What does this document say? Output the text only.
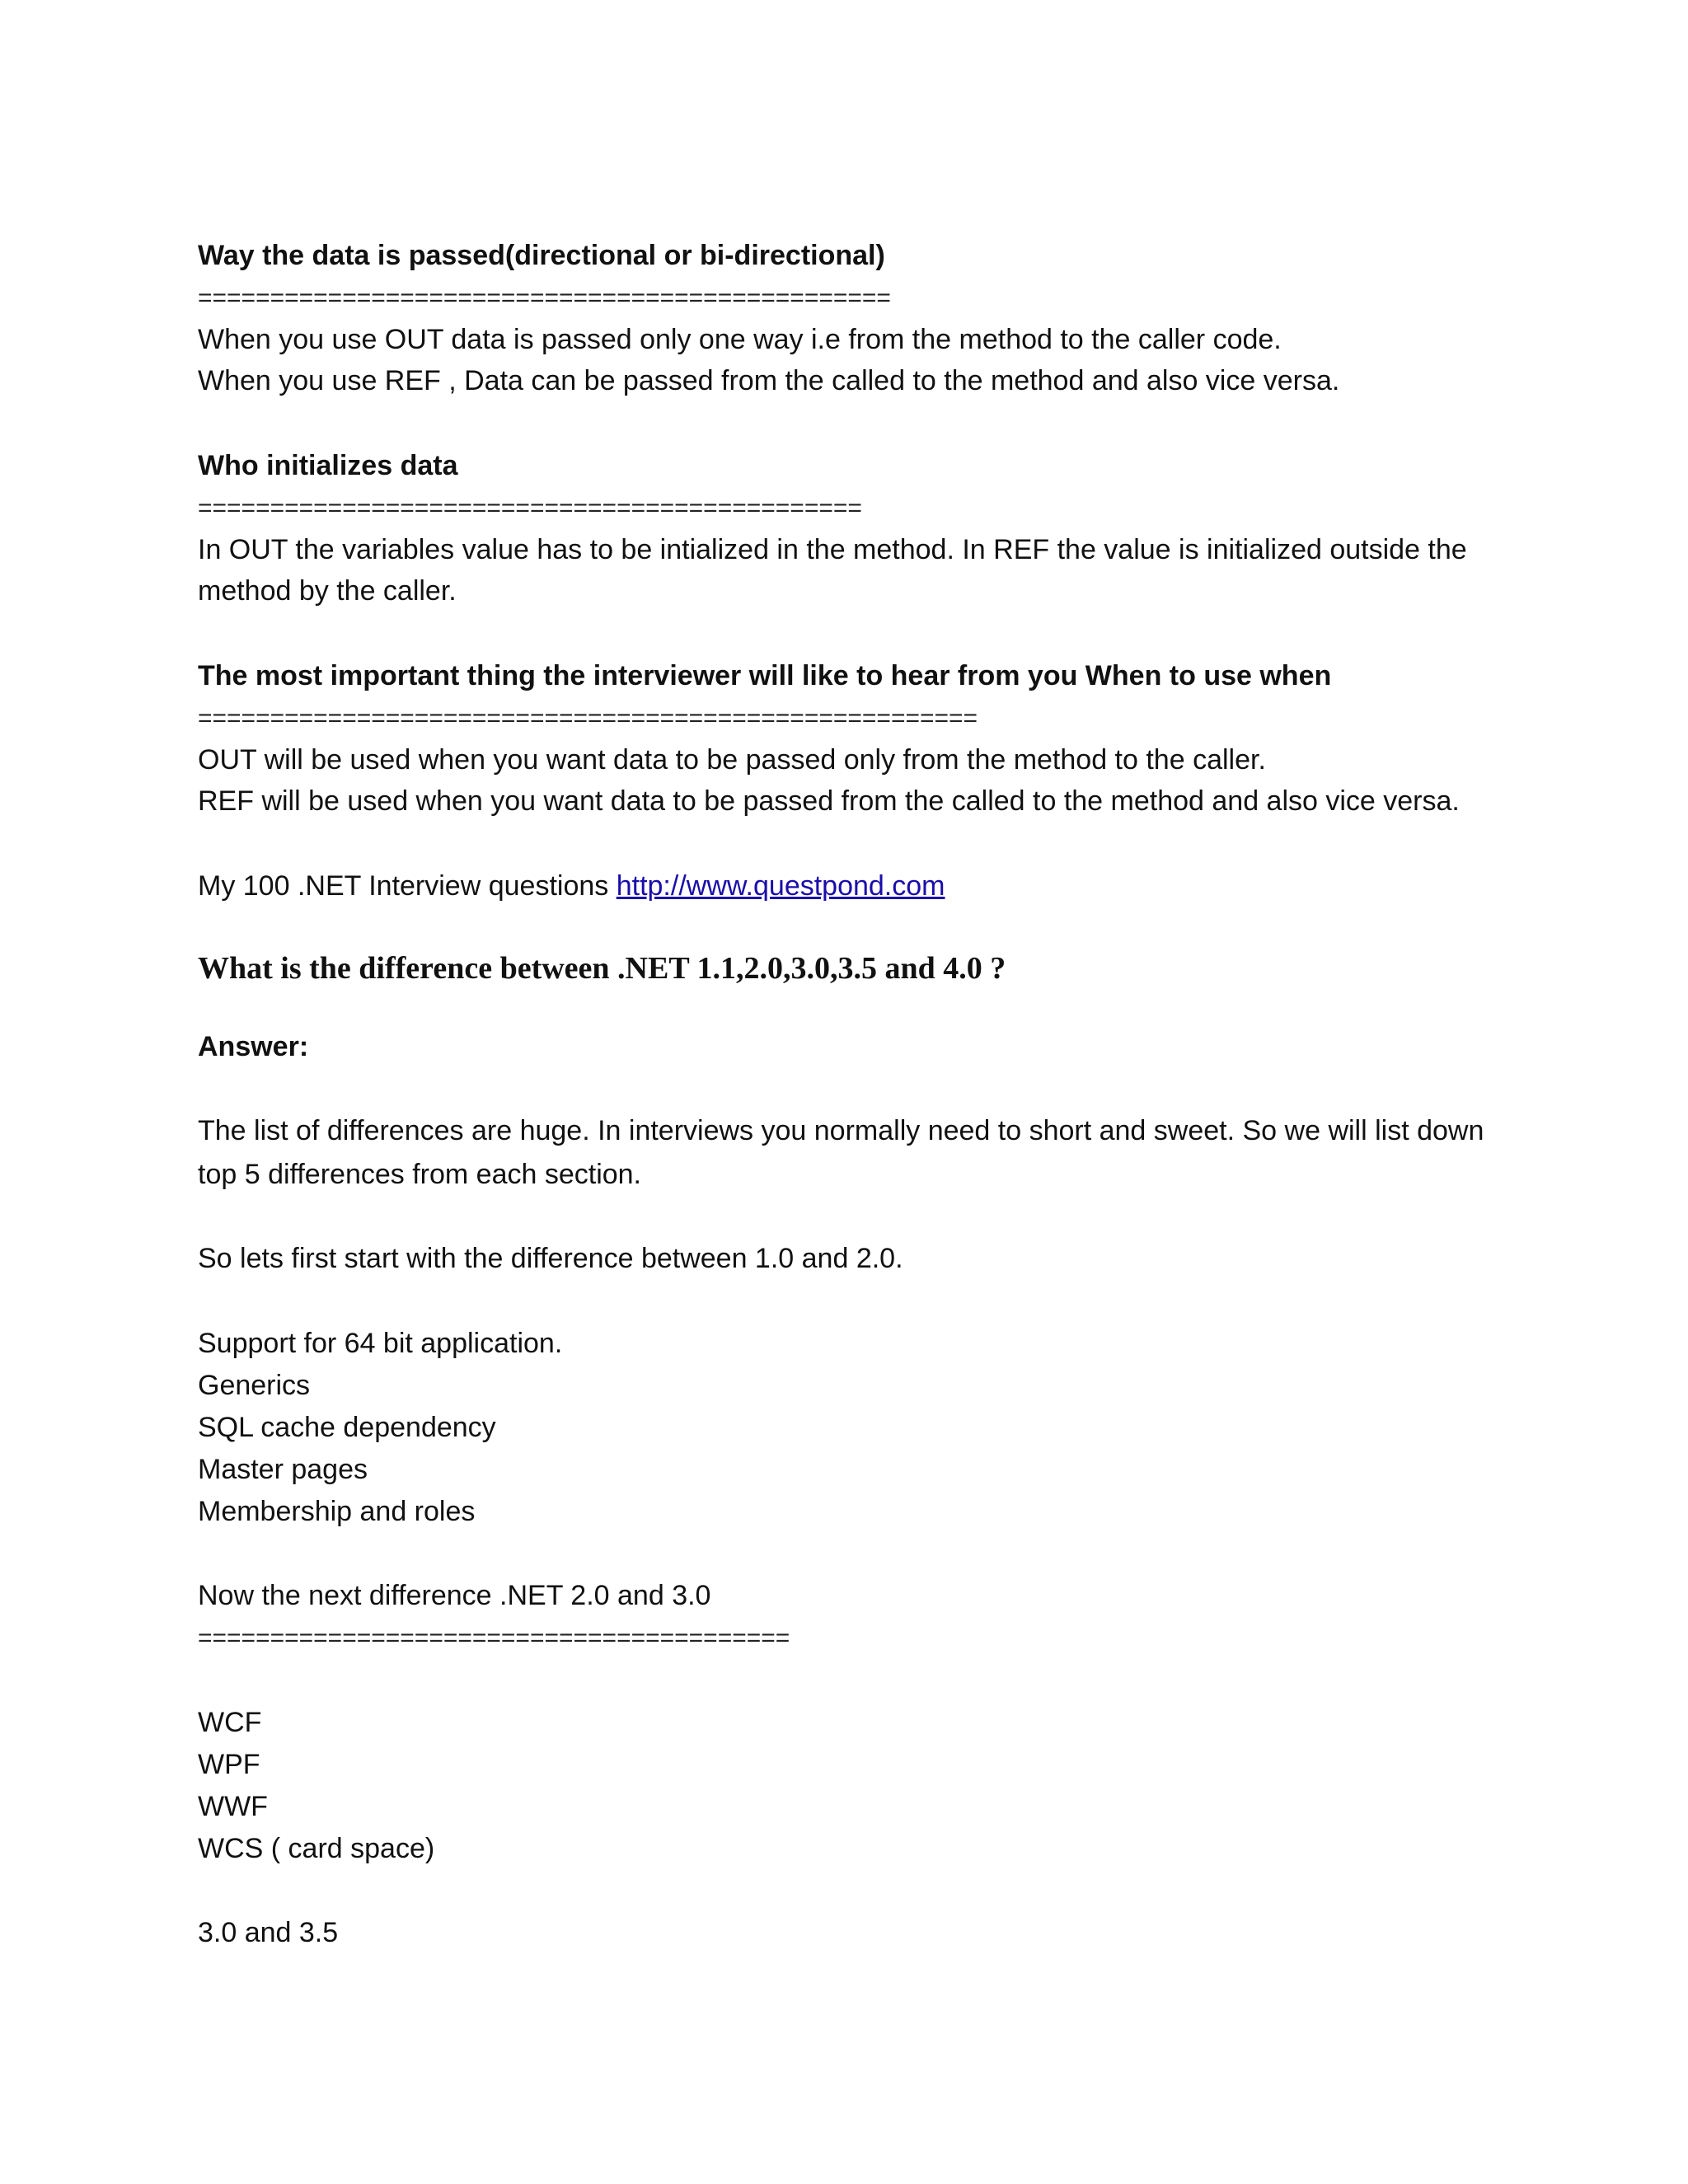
Way the data is passed(directional or bi-directional)
================================================
When you use OUT data is passed only one way i.e from the method to the caller code.
When you use REF , Data can be passed from the called to the method and also vice versa.
Who initializes data
==============================================
In OUT the variables value has to be intialized in the method. In REF the value is initialized outside the
method by the caller.
The most important thing the interviewer will like to hear from you When to use when
======================================================
OUT will be used when you want data to be passed only from the method to the caller.
REF will be used when you want data to be passed from the called to the method and also vice versa.
My 100 .NET Interview questions http://www.questpond.com
What is the difference between .NET 1.1,2.0,3.0,3.5 and 4.0 ?
Answer:
The list of differences are huge. In interviews you normally need to short and sweet. So we will list down
top 5 differences from each section.
So lets first start with the difference between 1.0 and 2.0.
Support for 64 bit application.
Generics
SQL cache dependency
Master pages
Membership and roles
Now the next difference .NET 2.0 and 3.0
=========================================
WCF
WPF
WWF
WCS ( card space)
3.0 and 3.5
